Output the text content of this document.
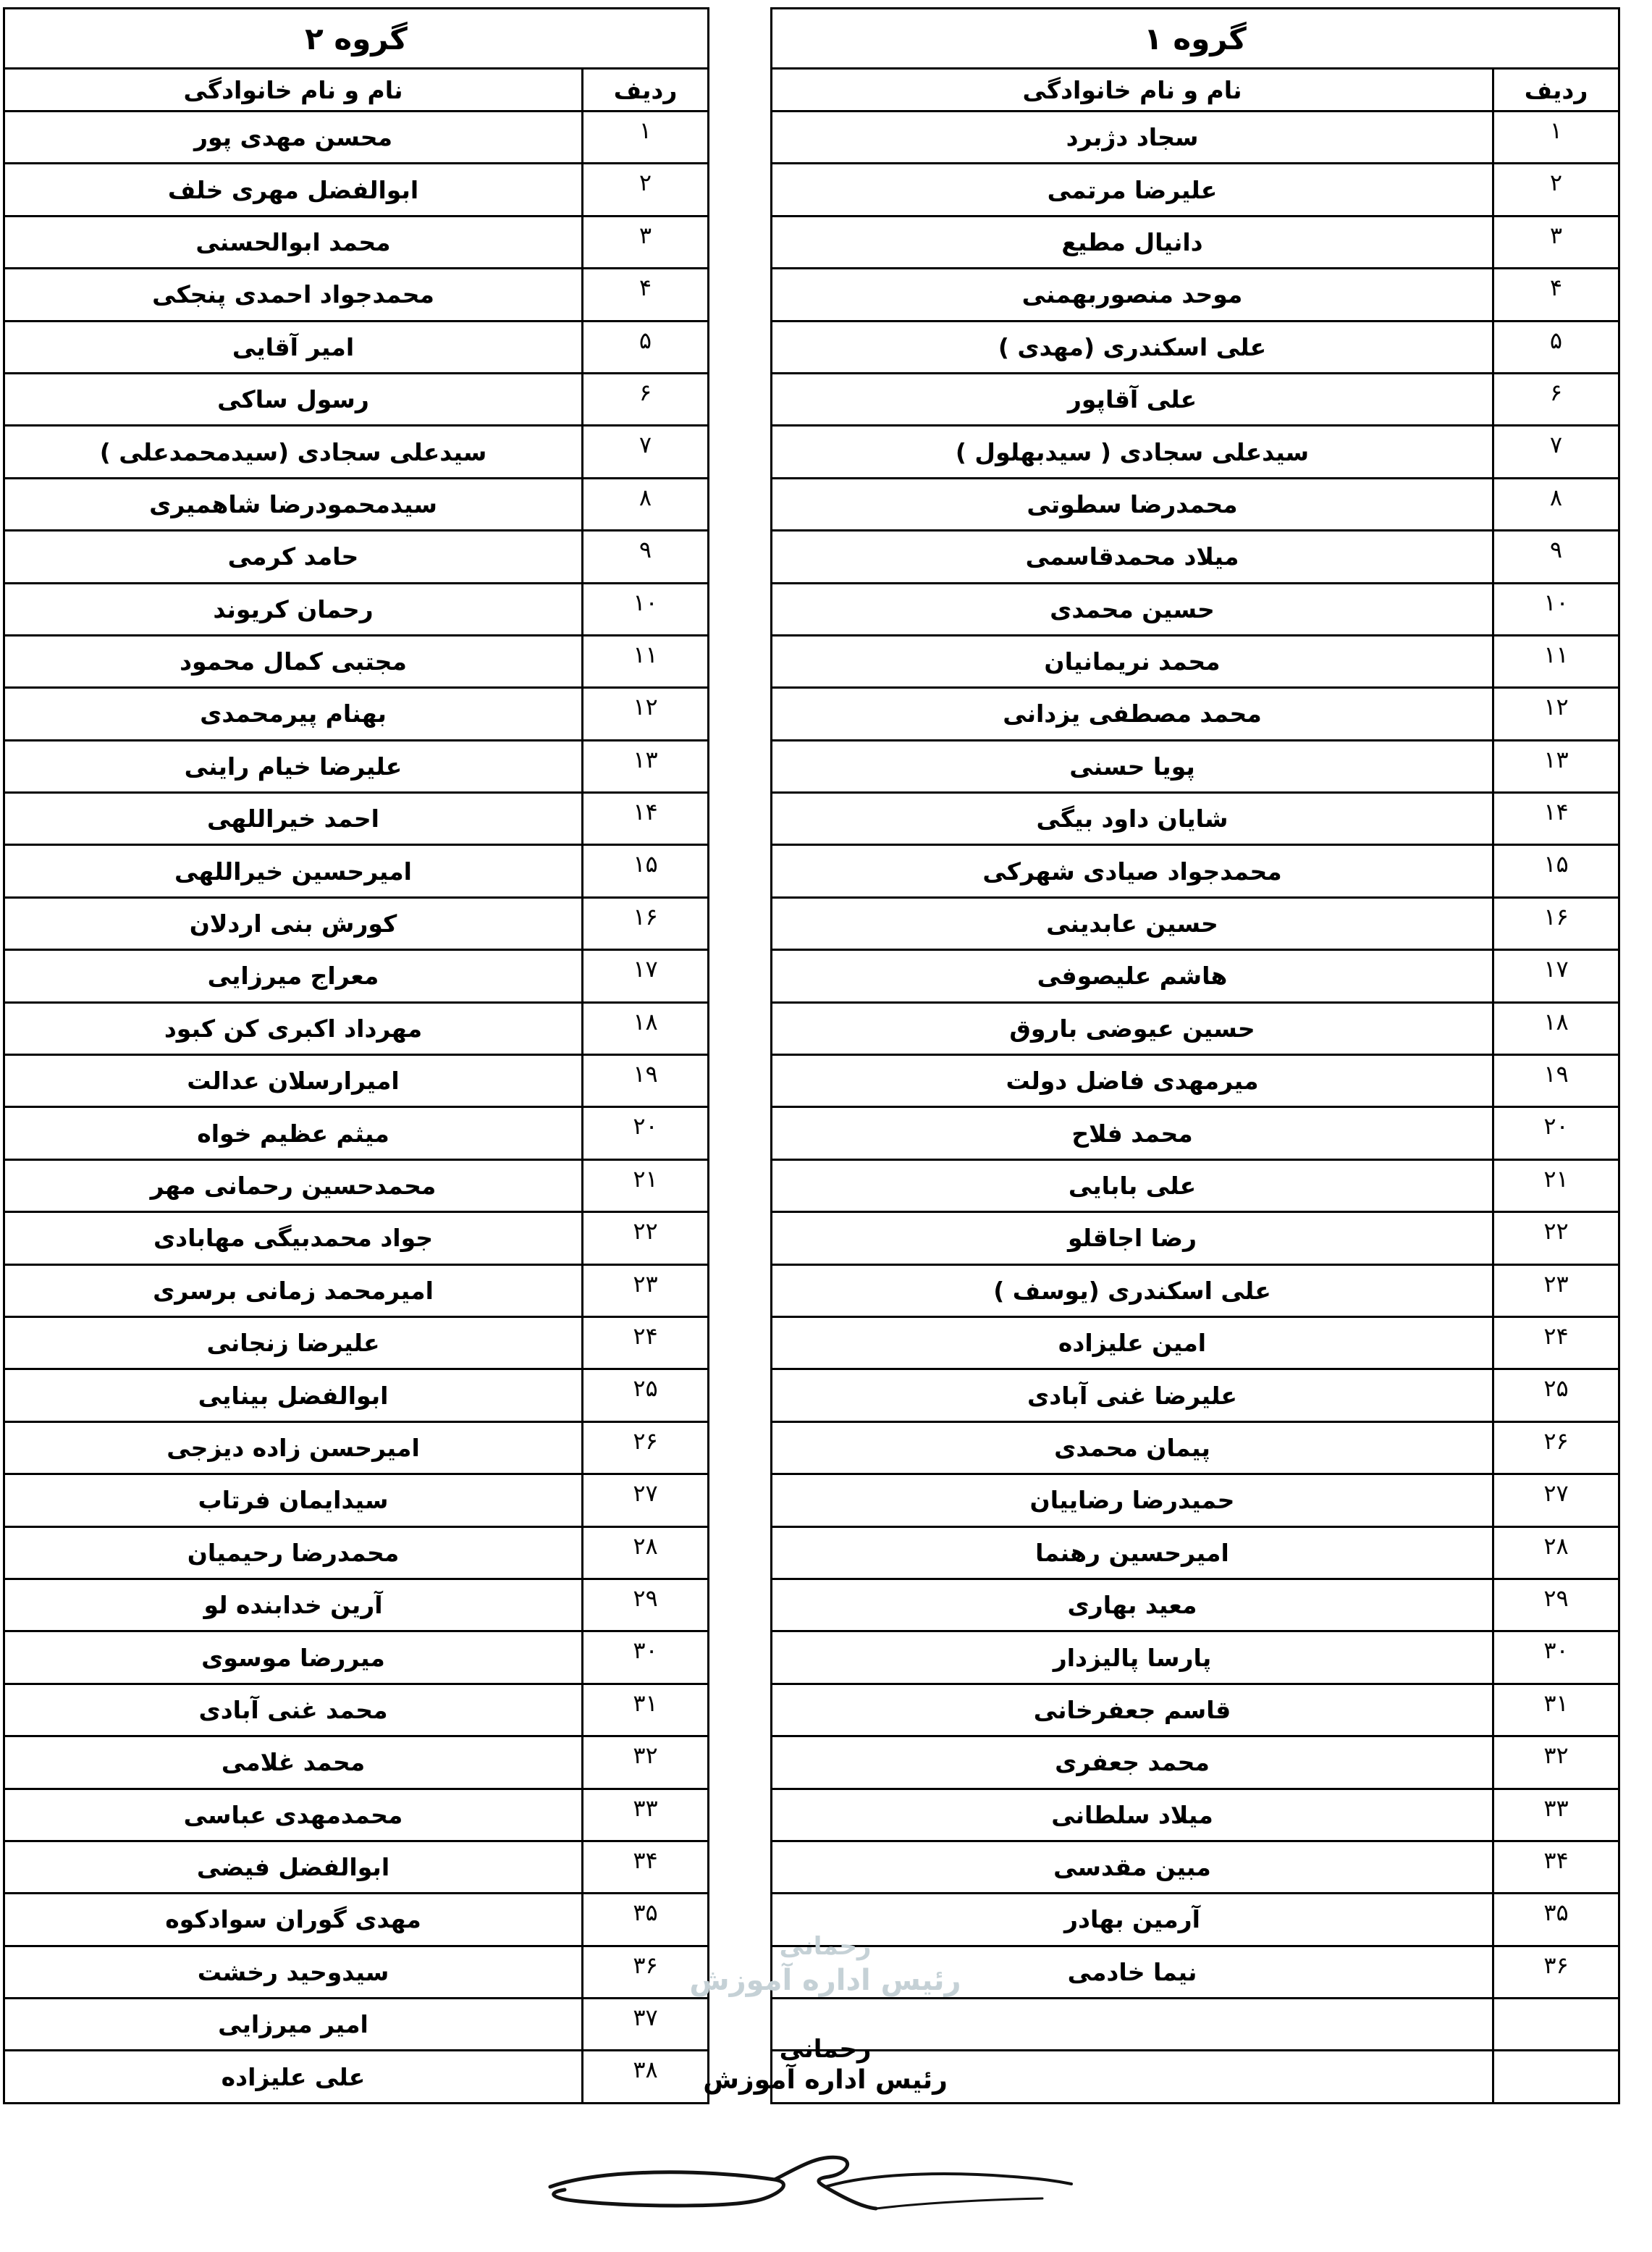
گروه ۱	
ردیف	نام و نام خانوادگی
۱	سجاد دژبرد
۲	علیرضا مرتمی
۳	دانیال مطیع
۴	موحد منصوربهمنی
۵	علی اسکندری (مهدی )
۶	علی آقاپور
۷	سیدعلی سجادی ( سیدبهلول )
۸	محمدرضا سطوتی
۹	میلاد محمدقاسمی
۱۰	حسین محمدی
۱۱	محمد نریمانیان
۱۲	محمد مصطفی یزدانی
۱۳	پویا حسنی
۱۴	شایان داود بیگی
۱۵	محمدجواد صیادی شهرکی
۱۶	حسین عابدینی
۱۷	هاشم علیصوفی
۱۸	حسین عیوضی باروق
۱۹	میرمهدی فاضل دولت
۲۰	محمد فلاح
۲۱	علی بابایی
۲۲	رضا اجاقلو
۲۳	علی اسکندری (یوسف )
۲۴	امین علیزاده
۲۵	علیرضا غنی آبادی
۲۶	پیمان محمدی
۲۷	حمیدرضا رضاییان
۲۸	امیرحسین رهنما
۲۹	معید بهاری
۳۰	پارسا پالیزدار
۳۱	قاسم جعفرخانی
۳۲	محمد جعفری
۳۳	میلاد سلطانی
۳۴	مبین مقدسی
۳۵	آرمین بهادر
۳۶	نیما خادمی

گروه ۲	
ردیف	نام و نام خانوادگی
۱	محسن مهدی پور
۲	ابوالفضل مهری خلف
۳	محمد ابوالحسنی
۴	محمدجواد احمدی پنجکی
۵	امیر آقایی
۶	رسول ساکی
۷	سیدعلی سجادی (سیدمحمدعلی )
۸	سیدمحمودرضا شاهمیری
۹	حامد کرمی
۱۰	رحمان کریوند
۱۱	مجتبی کمال محمود
۱۲	بهنام پیرمحمدی
۱۳	علیرضا خیام راینی
۱۴	احمد خیراللهی
۱۵	امیرحسین خیراللهی
۱۶	کورش بنی اردلان
۱۷	معراج میرزایی
۱۸	مهرداد اکبری کن کبود
۱۹	امیرارسلان عدالت
۲۰	میثم عظیم خواه
۲۱	محمدحسین رحمانی مهر
۲۲	جواد محمدبیگی مهابادی
۲۳	امیرمحمد زمانی برسری
۲۴	علیرضا زنجانی
۲۵	ابوالفضل بینایی
۲۶	امیرحسن زاده دیزجی
۲۷	سیدایمان فرتاب
۲۸	محمدرضا رحیمیان
۲۹	آرین خدابنده لو
۳۰	میررضا موسوی
۳۱	محمد غنی آبادی
۳۲	محمد غلامی
۳۳	محمدمهدی عباسی
۳۴	ابوالفضل فیضی
۳۵	مهدی گوران سوادکوه
۳۶	سیدوحید رخشت
۳۷	امیر میرزایی
۳۸	علی علیزاده
رحمانی
رئیس اداره آموزش
رحمانی
رئیس اداره آموزش
